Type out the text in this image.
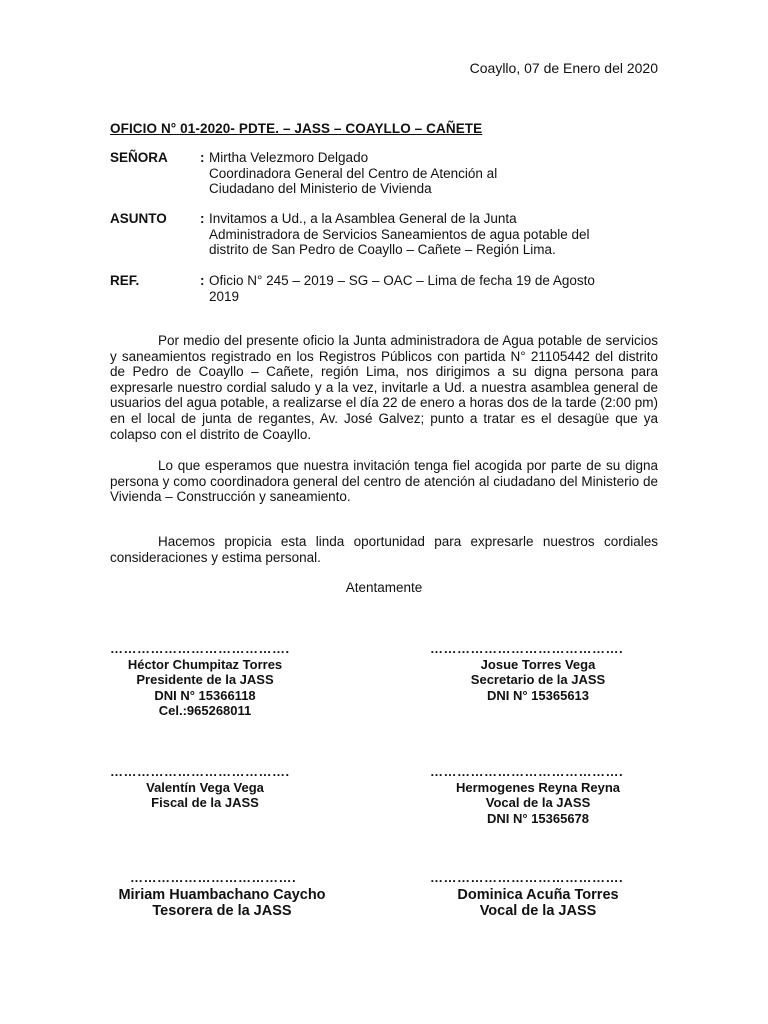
Coayllo, 07 de Enero del 2020
OFICIO N° 01-2020- PDTE. – JASS – COAYLLO – CAÑETE
SEÑORA	: Mirtha Velezmoro Delgado
Coordinadora General del Centro de Atención al
Ciudadano del Ministerio de Vivienda
ASUNTO	: Invitamos a Ud., a la Asamblea General de la Junta
Administradora de Servicios Saneamientos de agua potable del
distrito de San Pedro de Coayllo – Cañete – Región Lima.
REF.	: Oficio N° 245 – 2019 – SG – OAC – Lima de fecha 19 de Agosto
2019
Por medio del presente oficio la Junta administradora de Agua potable de servicios y saneamientos registrado en los Registros Públicos con partida N° 21105442 del distrito de Pedro de Coayllo – Cañete, región Lima, nos dirigimos a su digna persona para expresarle nuestro cordial saludo y a la vez, invitarle a Ud. a nuestra asamblea general de usuarios del agua potable, a realizarse el día 22 de enero a horas dos de la tarde (2:00 pm) en el local de junta de regantes, Av. José Galvez; punto a tratar es el desagüe que ya colapso con el distrito de Coayllo.
Lo que esperamos que nuestra invitación tenga fiel acogida por parte de su digna persona y como coordinadora general del centro de atención al ciudadano del Ministerio de Vivienda – Construcción y saneamiento.
Hacemos propicia esta linda oportunidad para expresarle nuestros cordiales consideraciones y estima personal.
Atentamente
………………………………….
Héctor Chumpitaz Torres
Presidente de la JASS
DNI N° 15366118
Cel.:965268011
…………………………………….
Josue Torres Vega
Secretario de la JASS
DNI N° 15365613
………………………………….
Valentín Vega Vega
Fiscal de la JASS
…………………………………….
Hermogenes Reyna Reyna
Vocal de la JASS
DNI N° 15365678
……………………………….
Miriam Huambachano Caycho
Tesorera de la JASS
…………………………………….
Dominica Acuña Torres
Vocal de la JASS
